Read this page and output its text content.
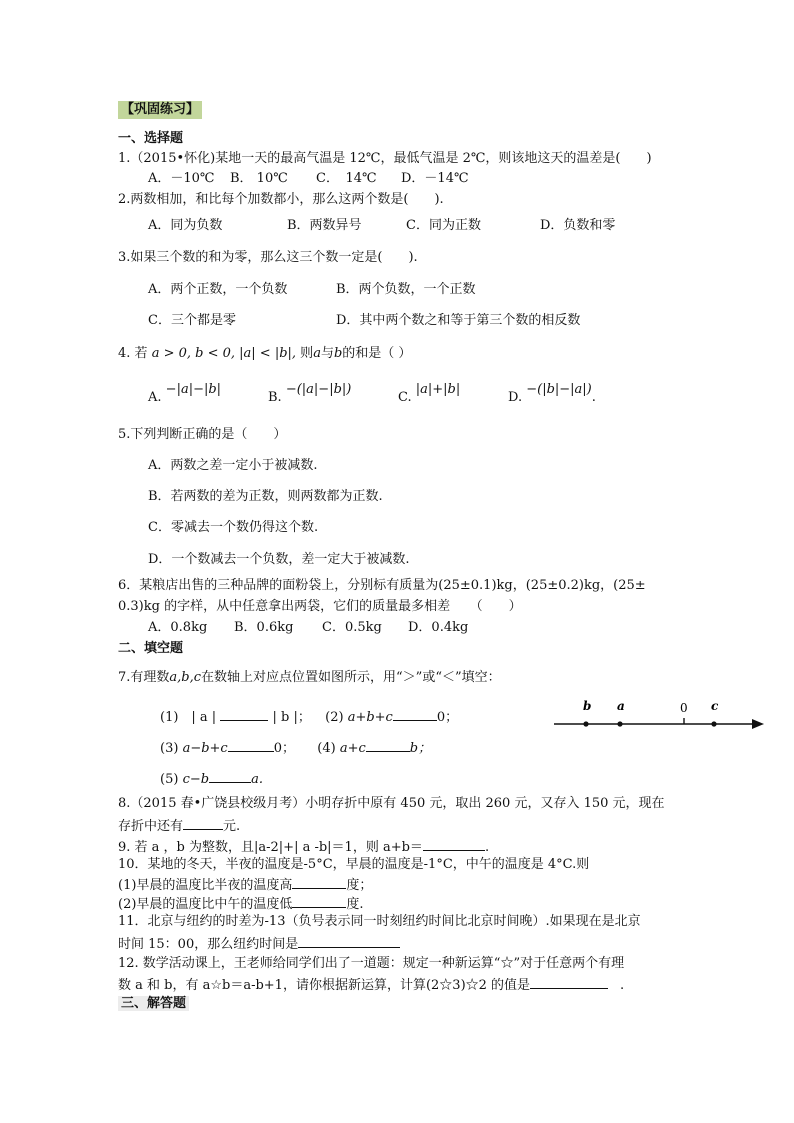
【巩固练习】
一、选择题
1.（2015•怀化)某地一天的最高气温是 12℃，最低气温是 2℃，则该地这天的温差是(　　)
A．－10℃ B． 10℃ C．　14℃ D．－14℃
2.两数相加，和比每个加数都小，那么这两个数是(　　).
A．同为负数	B．两数异号	C．同为正数	D．负数和零
3.如果三个数的和为零，那么这三个数一定是(　　).
A．两个正数，一个负数	B．两个负数，一个正数
C．三个都是零	D．其中两个数之和等于第三个数的相反数
4. 若 a > 0, b < 0, |a| < |b|, 则a与b的和是（ ）
A. −|a|−|b|
B. −(|a|−|b|)
C. |a|+|b|
D. −(|b|−|a|).
5.下列判断正确的是（　　）
A．两数之差一定小于被减数.
B．若两数的差为正数，则两数都为正数.
C．零减去一个数仍得这个数.
D．一个数减去一个负数，差一定大于被减数.
6．某粮店出售的三种品牌的面粉袋上，分别标有质量为(25±0.1)kg，(25±0.2)kg，(25±
0.3)kg 的字样，从中任意拿出两袋，它们的质量最多相差　　（　　）
A．0.8kg B．0.6kg C．0.5kg D．0.4kg
二、填空题
7.有理数a,b,c在数轴上对应点位置如图所示，用“＞”或“＜”填空：
(1)　| a |	| b |； (2) a+b+c	0；
(3) a−b+c	0； (4) a+c	b；
(5) c−b	a.
b a	0 c
8.（2015 春•广饶县校级月考）小明存折中原有 450 元，取出 260 元，又存入 150 元，现在
存折中还有	元.
9. 若 a ，b 为整数，且|a-2|+| a -b|＝1，则 a+b＝	.
10．某地的冬天，半夜的温度是-5°C，早晨的温度是-1°C，中午的温度是 4°C.则
(1)早晨的温度比半夜的温度高	度；
(2)早晨的温度比中午的温度低	度.
11．北京与纽约的时差为-13（负号表示同一时刻纽约时间比北京时间晚）.如果现在是北京
时间 15：00，那么纽约时间是
12. 数学活动课上，王老师给同学们出了一道题：规定一种新运算“☆”对于任意两个有理
数 a 和 b，有 a☆b＝a-b+1，请你根据新运算，计算(2☆3)☆2 的值是	.
三、解答题
